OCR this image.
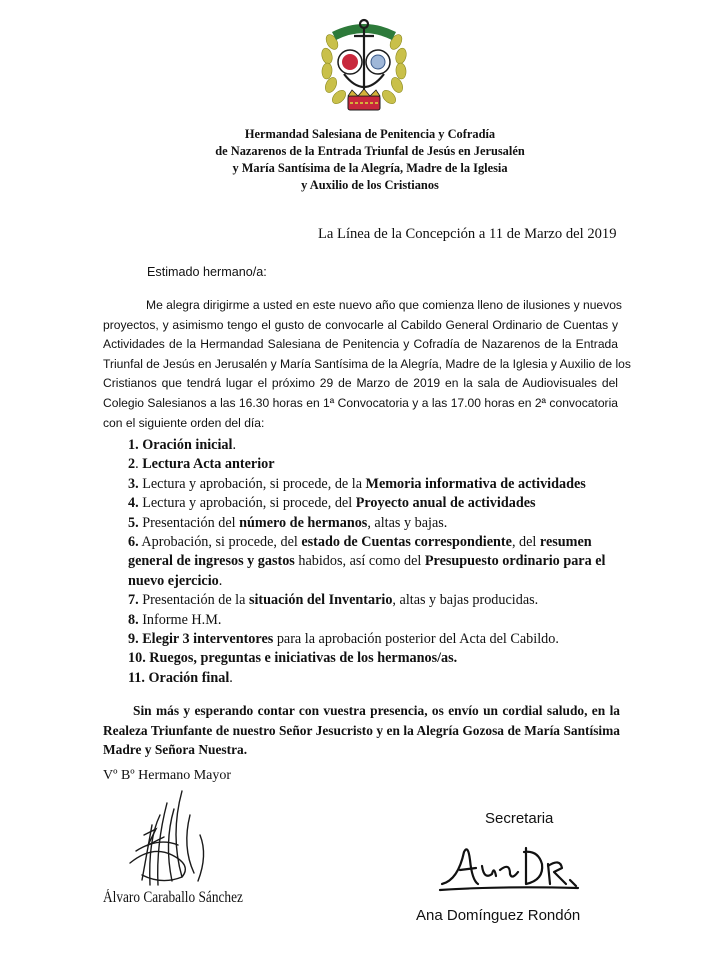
Hermandad Salesiana de Penitencia y Cofradía
de Nazarenos de la Entrada Triunfal de Jesús en Jerusalén
y María Santísima de la Alegría, Madre de la Iglesia
y Auxilio de los Cristianos
La Línea de la Concepción a 11 de Marzo del 2019
Estimado hermano/a:
Me alegra dirigirme a usted en este nuevo año que comienza lleno de ilusiones y nuevos
proyectos, y asimismo tengo el gusto de convocarle al Cabildo General Ordinario de Cuentas y
Actividades de la Hermandad Salesiana de Penitencia y Cofradía de Nazarenos de la Entrada
Triunfal de Jesús en Jerusalén y María Santísima de la Alegría, Madre de la Iglesia y Auxilio de los
Cristianos que tendrá lugar el próximo 29 de Marzo de 2019 en la sala de Audiovisuales del
Colegio Salesianos a las 16.30 horas en 1ª Convocatoria y a las 17.00 horas en 2ª convocatoria
con el siguiente orden del día:
1. Oración inicial.
2. Lectura Acta anterior
3. Lectura y aprobación, si procede, de la Memoria informativa de actividades
4. Lectura y aprobación, si procede, del Proyecto anual de actividades
5. Presentación del número de hermanos, altas y bajas.
6. Aprobación, si procede, del estado de Cuentas correspondiente, del resumen general de ingresos y gastos habidos, así como del Presupuesto ordinario para el nuevo ejercicio.
7. Presentación de la situación del Inventario, altas y bajas producidas.
8. Informe H.M.
9. Elegir 3 interventores para la aprobación posterior del Acta del Cabildo.
10. Ruegos, preguntas e iniciativas de los hermanos/as.
11. Oración final.
Sin más y esperando contar con vuestra presencia, os envío un cordial saludo, en la
Realeza Triunfante de nuestro Señor Jesucristo y en la Alegría Gozosa de María Santísima
Madre y Señora Nuestra.
Vº Bº Hermano Mayor
Álvaro Caraballo Sánchez
Secretaria
Ana Domínguez Rondón
